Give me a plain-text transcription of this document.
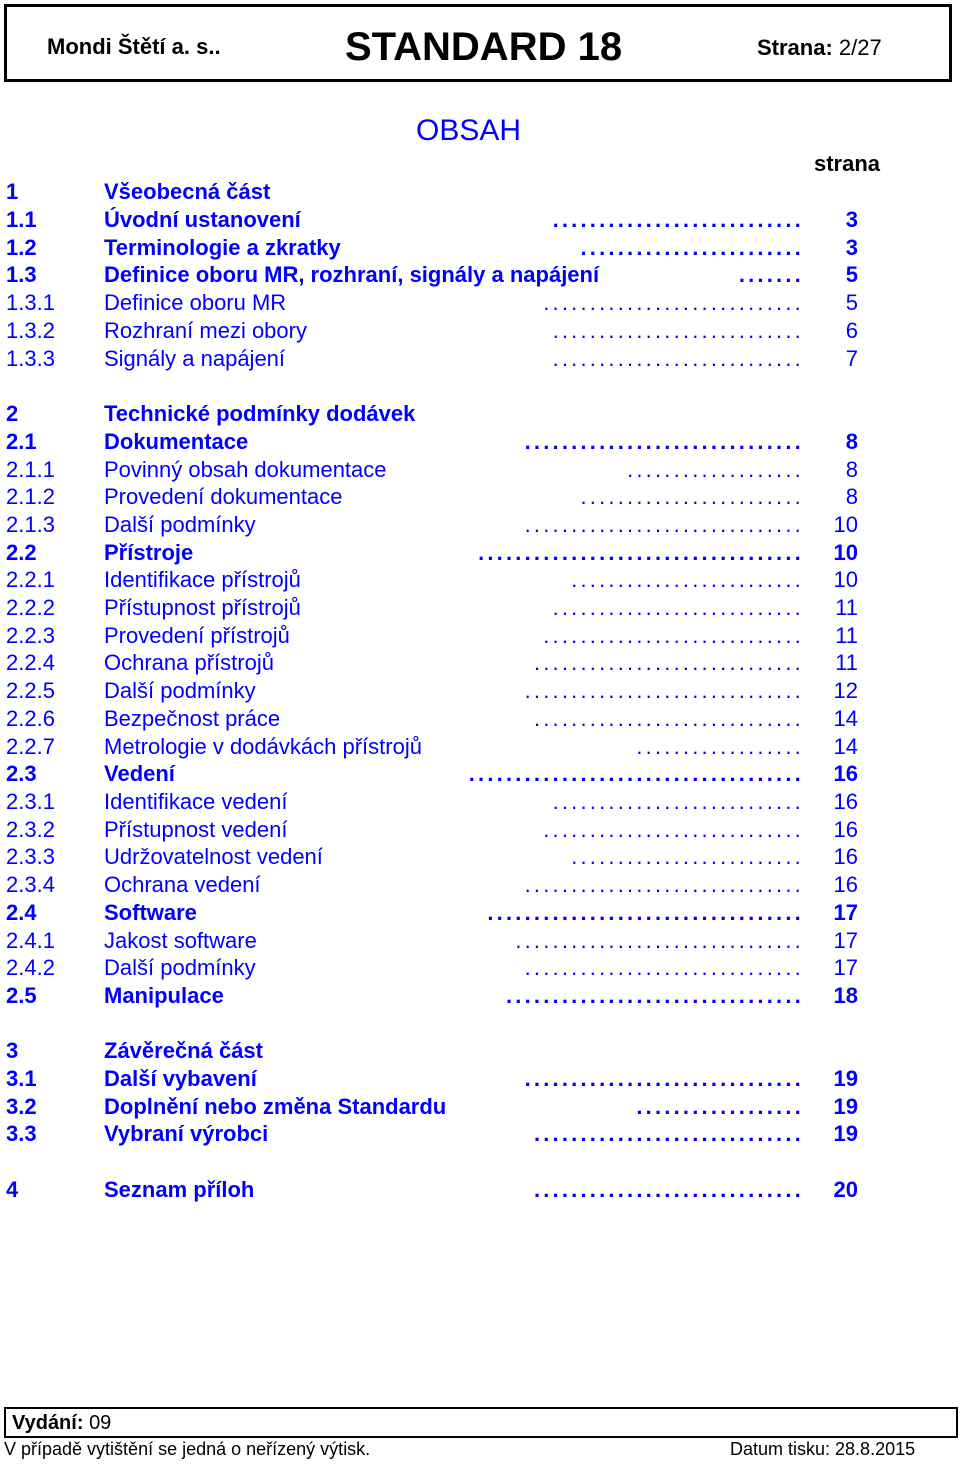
Mondi Štětí a. s..	STANDARD 18	Strana: 2/27
OBSAH
strana
1	Všeobecná část
1.1	Úvodní ustanovení	...........................	3
1.2	Terminologie a zkratky	........................	3
1.3	Definice oboru MR, rozhraní, signály a napájení	.......	5
1.3.1 Definice oboru MR	............................	5
1.3.2 Rozhraní mezi obory	...........................	6
1.3.3 Signály a napájení	...........................	7
2	Technické podmínky dodávek
2.1	Dokumentace	..............................	8
2.1.1 Povinný obsah dokumentace	...................	8
2.1.2 Provedení dokumentace	........................	8
2.1.3 Další podmínky	..............................	10
2.2	Přístroje	...................................	10
2.2.1 Identifikace přístrojů	.........................	10
2.2.2 Přístupnost přístrojů	...........................	11
2.2.3 Provedení přístrojů	............................	11
2.2.4 Ochrana přístrojů	.............................	11
2.2.5 Další podmínky	..............................	12
2.2.6 Bezpečnost práce	.............................	14
2.2.7 Metrologie v dodávkách přístrojů	..................	14
2.3	Vedení	....................................	16
2.3.1 Identifikace vedení	...........................	16
2.3.2 Přístupnost vedení	............................	16
2.3.3 Udržovatelnost vedení	.........................	16
2.3.4 Ochrana vedení	..............................	16
2.4	Software	..................................	17
2.4.1 Jakost software	...............................	17
2.4.2 Další podmínky	..............................	17
2.5	Manipulace	................................	18
3	Závěrečná část
3.1	Další vybavení	..............................	19
3.2	Doplnění nebo změna Standardu	..................	19
3.3	Vybraní výrobci	.............................	19
4	Seznam příloh	.............................	20
Vydání: 09
V případě vytištění se jedná o neřízený výtisk.	Datum tisku: 28.8.2015
